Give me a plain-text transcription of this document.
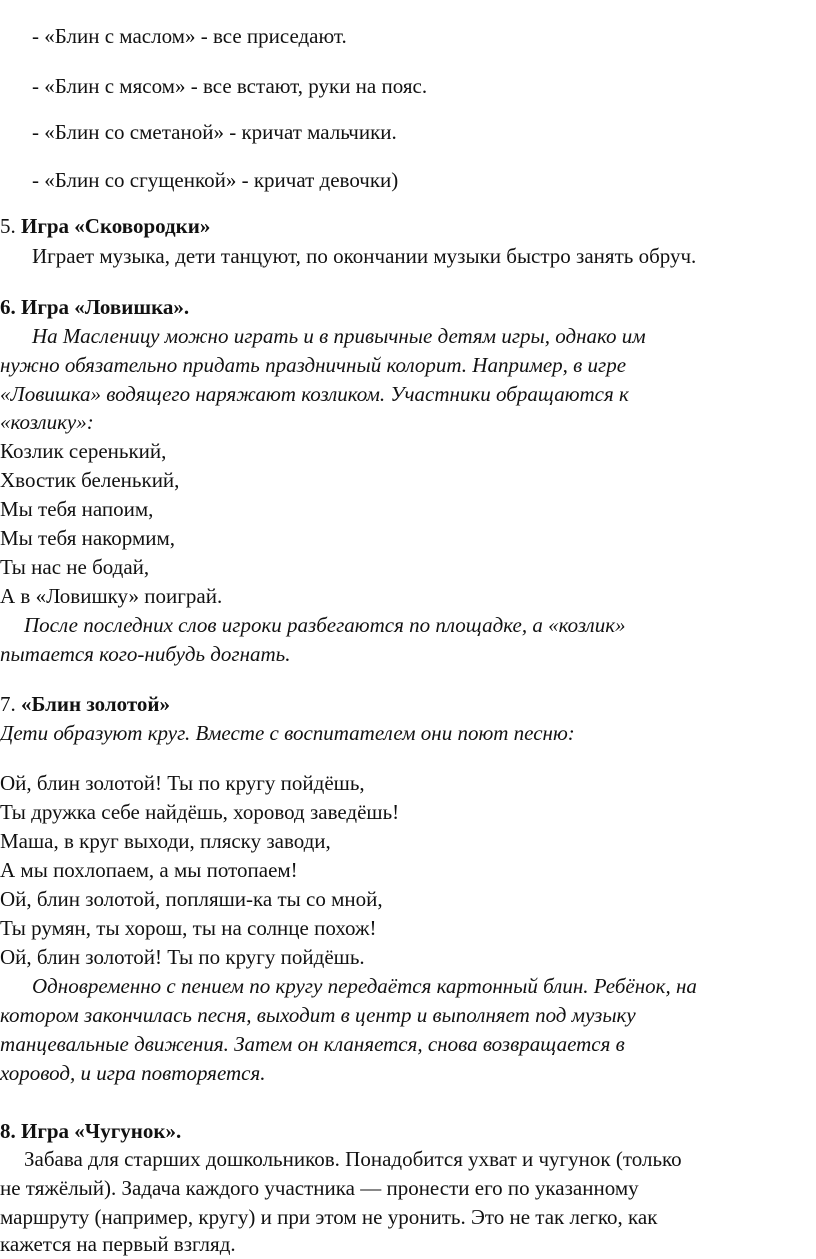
- «Блин с маслом» - все приседают.
- «Блин с мясом» - все встают, руки на пояс.
- «Блин со сметаной» - кричат мальчики.
- «Блин со сгущенкой» - кричат девочки)
5. Игра «Сковородки»
Играет музыка, дети танцуют, по окончании музыки быстро занять обруч.
6. Игра «Ловишка».
На Масленицу можно играть и в привычные детям игры, однако им
нужно обязательно придать праздничный колорит. Например, в игре
«Ловишка» водящего наряжают козликом. Участники обращаются к
«козлику»:
Козлик серенький,
Хвостик беленький,
Мы тебя напоим,
Мы тебя накормим,
Ты нас не бодай,
А в «Ловишку» поиграй.
После последних слов игроки разбегаются по площадке, а «козлик»
пытается кого-нибудь догнать.
7. «Блин золотой»
Дети образуют круг. Вместе с воспитателем они поют песню:
Ой, блин золотой! Ты по кругу пойдёшь,
Ты дружка себе найдёшь, хоровод заведёшь!
Маша, в круг выходи, пляску заводи,
А мы похлопаем, а мы потопаем!
Ой, блин золотой, попляши-ка ты со мной,
Ты румян, ты хорош, ты на солнце похож!
Ой, блин золотой! Ты по кругу пойдёшь.
Одновременно с пением по кругу передаётся картонный блин. Ребёнок, на
котором закончилась песня, выходит в центр и выполняет под музыку
танцевальные движения. Затем он кланяется, снова возвращается в
хоровод, и игра повторяется.
8. Игра «Чугунок».
Забава для старших дошкольников. Понадобится ухват и чугунок (только
не тяжёлый). Задача каждого участника — пронести его по указанному
маршруту (например, кругу) и при этом не уронить. Это не так легко, как
кажется на первый взгляд.
